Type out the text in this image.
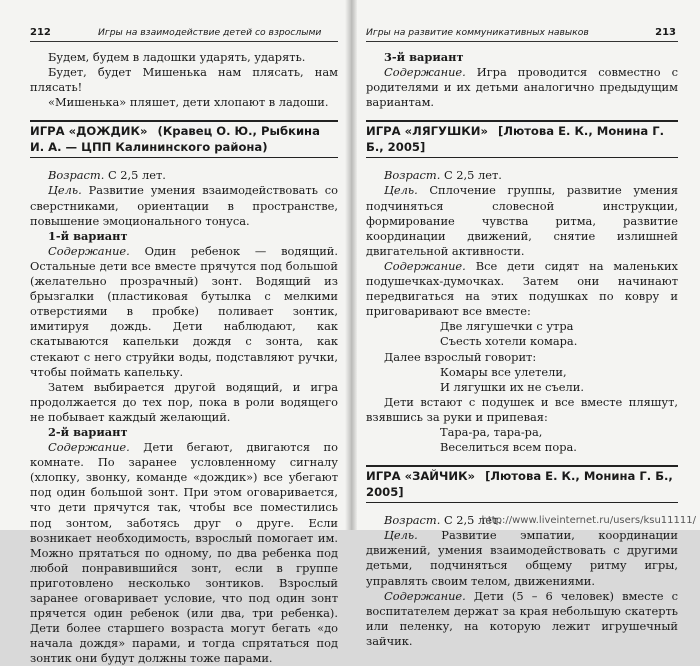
212	Игры на взаимодействие детей со взрослыми

Будем, будем в ладошки ударять, ударять.

Будет, будет Мишенька нам плясать, нам плясать!

«Мишенька» пляшет, дети хлопают в ладоши.

ИГРА «ДОЖДИК» (Кравец О. Ю., Рыбкина И. А. — ЦПП Калининского района)

Возраст. С 2,5 лет.

Цель. Развитие умения взаимодействовать со сверстниками, ориентации в пространстве, повышение эмоционального тонуса.

1-й вариант

Содержание. Один ребенок — водящий. Остальные дети все вместе прячутся под большой (желательно прозрачный) зонт. Водящий из брызгалки (пластиковая бутылка с мелкими отверстиями в пробке) поливает зонтик, имитируя дождь. Дети наблюдают, как скатываются капельки дождя с зонта, как стекают с него струйки воды, подставляют ручки, чтобы поймать капельку.

Затем выбирается другой водящий, и игра продолжается до тех пор, пока в роли водящего не побывает каждый желающий.

2-й вариант

Содержание. Дети бегают, двигаются по комнате. По заранее условленному сигналу (хлопку, звонку, команде «дождик») все убегают под один большой зонт. При этом оговаривается, что дети прячутся так, чтобы все поместились под зонтом, заботясь друг о друге. Если возникает необходимость, взрослый помогает им. Можно прятаться по одному, по два ребенка под любой понравившийся зонт, если в группе приготовлено несколько зонтиков. Взрослый заранее оговаривает условие, что под один зонт прячется один ребенок (или два, три ребенка). Дети более старшего возраста могут бегать «до начала дождя» парами, и тогда спрятаться под зонтик они будут должны тоже парами.

Игры на развитие коммуникативных навыков	213

3-й вариант

Содержание. Игра проводится совместно с родителями и их детьми аналогично предыдущим вариантам.

ИГРА «ЛЯГУШКИ» [Лютова Е. К., Монина Г. Б., 2005]

Возраст. С 2,5 лет.

Цель. Сплочение группы, развитие умения подчиняться словесной инструкции, формирование чувства ритма, развитие координации движений, снятие излишней двигательной активности.

Содержание. Все дети сидят на маленьких подушечках-думочках. Затем они начинают передвигаться на этих подушках по ковру и приговаривают все вместе:

Две лягушечки с утра

Съесть хотели комара.

Далее взрослый говорит:

Комары все улетели,

И лягушки их не съели.

Дети встают с подушек и все вместе пляшут, взявшись за руки и припевая:

Тара-ра, тара-ра,

Веселиться всем пора.

ИГРА «ЗАЙЧИК» [Лютова Е. К., Монина Г. Б., 2005]

Возраст. С 2,5 лет.

Цель. Развитие эмпатии, координации движений, умения взаимодействовать с другими детьми, подчиняться общему ритму игры, управлять своим телом, движениями.

Содержание. Дети (5 – 6 человек) вместе с воспитателем держат за края небольшую скатерть или пеленку, на которую лежит игрушечный зайчик.

http://www.liveinternet.ru/users/ksu11111/
